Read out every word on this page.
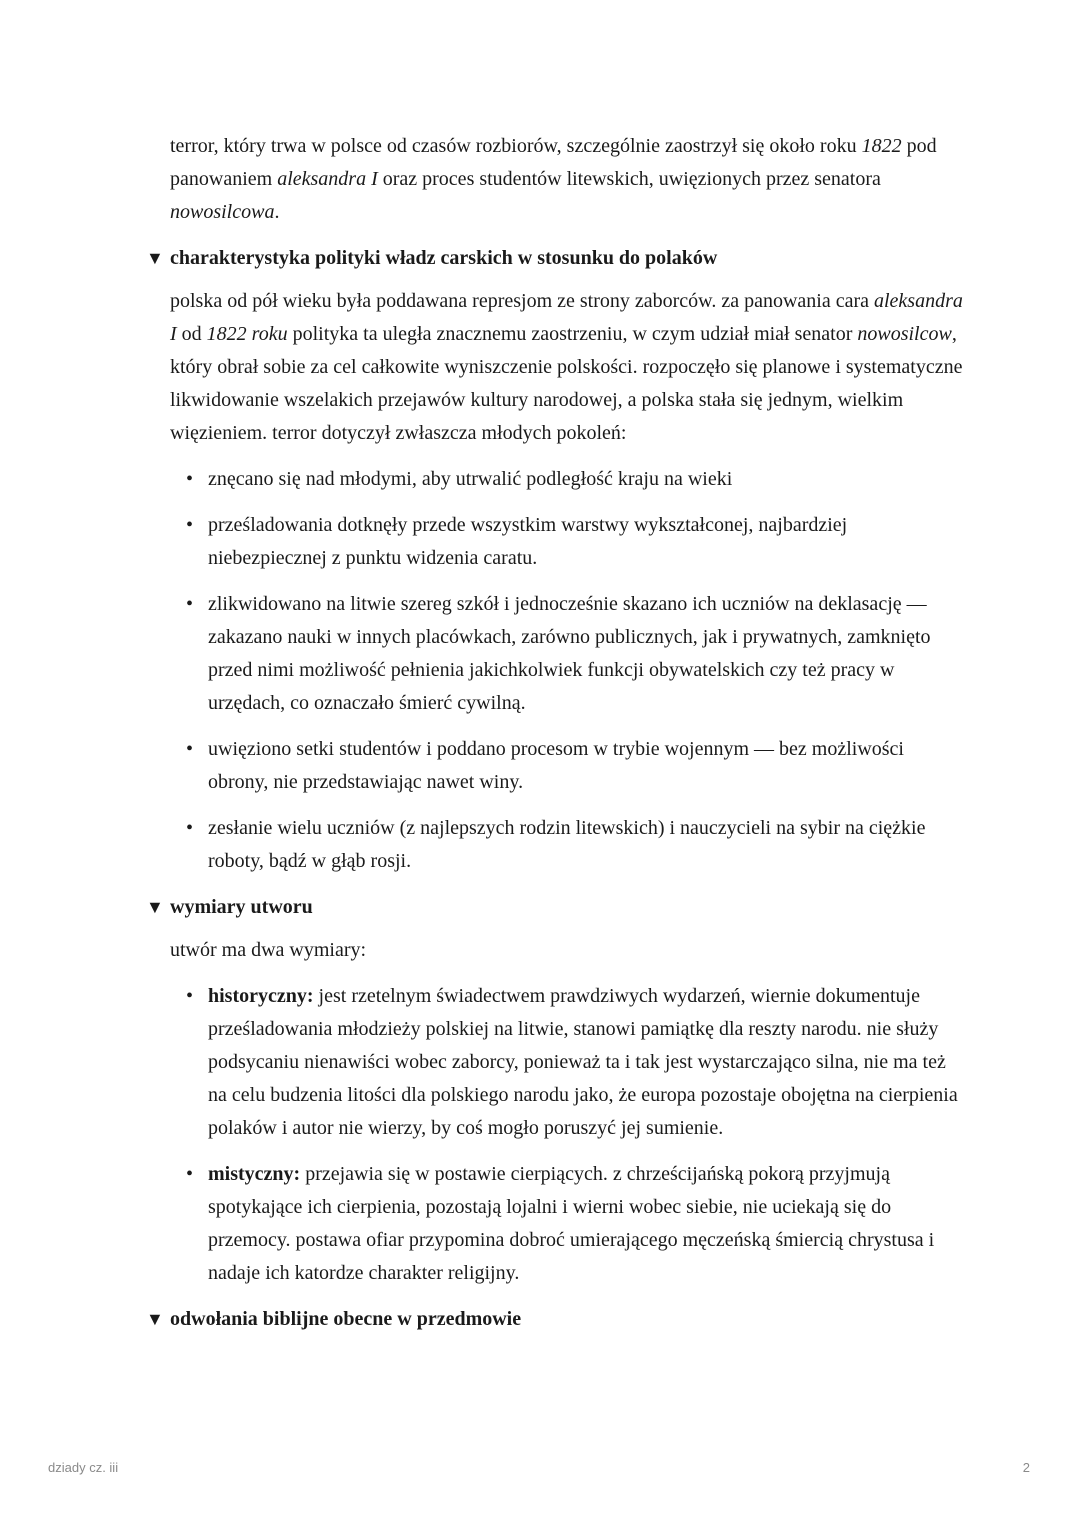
terror, który trwa w polsce od czasów rozbiorów, szczególnie zaostrzył się około roku 1822 pod panowaniem aleksandra I oraz proces studentów litewskich, uwięzionych przez senatora nowosilcowa.

▼ charakterystyka polityki władz carskich w stosunku do polaków

polska od pół wieku była poddawana represjom ze strony zaborców. za panowania cara aleksandra I od 1822 roku polityka ta uległa znacznemu zaostrzeniu, w czym udział miał senator nowosilcow, który obrał sobie za cel całkowite wyniszczenie polskości. rozpoczęło się planowe i systematyczne likwidowanie wszelakich przejawów kultury narodowej, a polska stała się jednym, wielkim więzieniem. terror dotyczył zwłaszcza młodych pokoleń:

• znęcano się nad młodymi, aby utrwalić podległość kraju na wieki
• prześladowania dotknęły przede wszystkim warstwy wykształconej, najbardziej niebezpiecznej z punktu widzenia caratu.
• zlikwidowano na litwie szereg szkół i jednocześnie skazano ich uczniów na deklasację — zakazano nauki w innych placówkach, zarówno publicznych, jak i prywatnych, zamknięto przed nimi możliwość pełnienia jakichkolwiek funkcji obywatelskich czy też pracy w urzędach, co oznaczało śmierć cywilną.
• uwięziono setki studentów i poddano procesom w trybie wojennym — bez możliwości obrony, nie przedstawiając nawet winy.
• zesłanie wielu uczniów (z najlepszych rodzin litewskich) i nauczycieli na sybir na ciężkie roboty, bądź w głąb rosji.
▼ wymiary utworu

utwór ma dwa wymiary:

• historyczny: jest rzetelnym świadectwem prawdziwych wydarzeń, wiernie dokumentuje prześladowania młodzieży polskiej na litwie, stanowi pamiątkę dla reszty narodu. nie służy podsycaniu nienawiści wobec zaborcy, ponieważ ta i tak jest wystarczająco silna, nie ma też na celu budzenia litości dla polskiego narodu jako, że europa pozostaje obojętna na cierpienia polaków i autor nie wierzy, by coś mogło poruszyć jej sumienie.
• mistyczny: przejawia się w postawie cierpiących. z chrześcijańską pokorą przyjmują spotykające ich cierpienia, pozostają lojalni i wierni wobec siebie, nie uciekają się do przemocy. postawa ofiar przypomina dobroć umierającego męczeńską śmiercią chrystusa i nadaje ich katordze charakter religijny.
▼ odwołania biblijne obecne w przedmowie
dziady cz. iii	2
